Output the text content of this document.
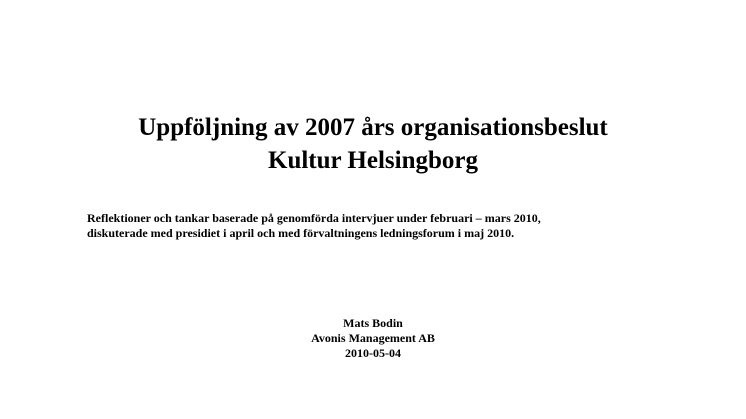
Uppföljning av 2007 års organisationsbeslut
Kultur Helsingborg
Reflektioner och tankar baserade på genomförda intervjuer under februari – mars 2010,
diskuterade med presidiet i april och med förvaltningens ledningsforum i maj 2010.
Mats Bodin
Avonis Management AB
2010-05-04
